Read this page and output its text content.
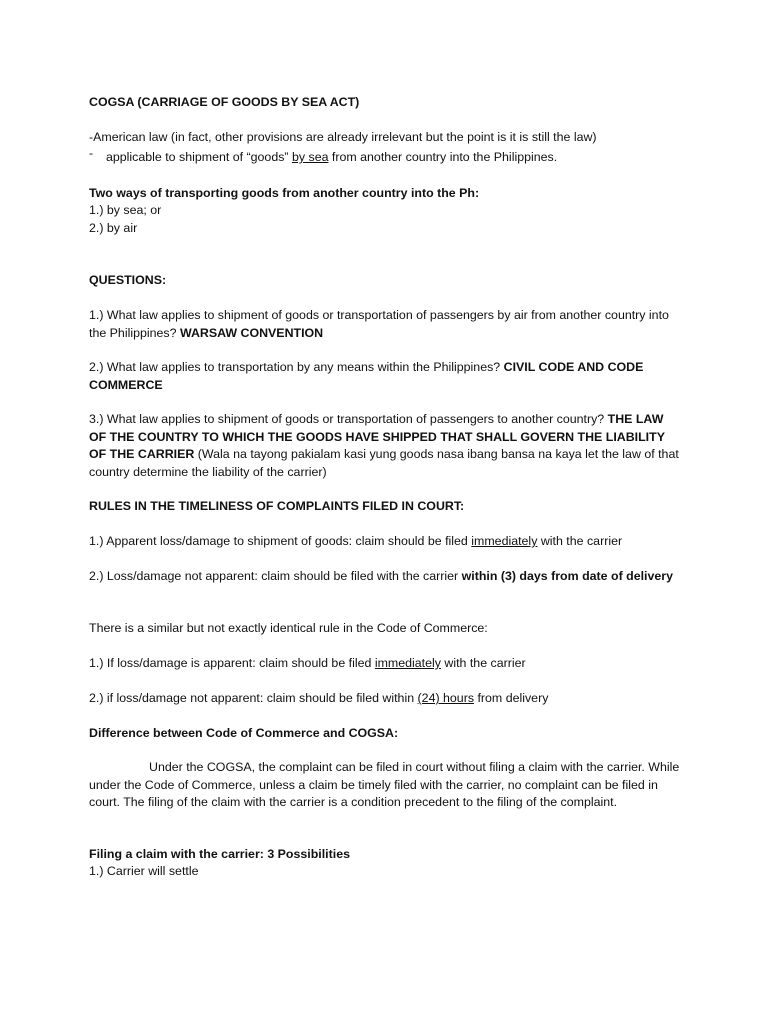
COGSA (CARRIAGE OF GOODS BY SEA ACT)

-American law (in fact, other provisions are already irrelevant but the point is it is still the law)

- applicable to shipment of “goods” by sea from another country into the Philippines.

Two ways of transporting goods from another country into the Ph:

1.) by sea; or

2.) by air

QUESTIONS:

1.) What law applies to shipment of goods or transportation of passengers by air from another country into the Philippines? WARSAW CONVENTION

2.) What law applies to transportation by any means within the Philippines? CIVIL CODE AND CODE COMMERCE

3.) What law applies to shipment of goods or transportation of passengers to another country? THE LAW OF THE COUNTRY TO WHICH THE GOODS HAVE SHIPPED THAT SHALL GOVERN THE LIABILITY OF THE CARRIER (Wala na tayong pakialam kasi yung goods nasa ibang bansa na kaya let the law of that country determine the liability of the carrier)

RULES IN THE TIMELINESS OF COMPLAINTS FILED IN COURT:

1.) Apparent loss/damage to shipment of goods: claim should be filed immediately with the carrier

2.) Loss/damage not apparent: claim should be filed with the carrier within (3) days from date of delivery

There is a similar but not exactly identical rule in the Code of Commerce:

1.) If loss/damage is apparent: claim should be filed immediately with the carrier

2.) if loss/damage not apparent: claim should be filed within (24) hours from delivery

Difference between Code of Commerce and COGSA:

Under the COGSA, the complaint can be filed in court without filing a claim with the carrier. While under the Code of Commerce, unless a claim be timely filed with the carrier, no complaint can be filed in court. The filing of the claim with the carrier is a condition precedent to the filing of the complaint.

Filing a claim with the carrier: 3 Possibilities

1.) Carrier will settle
